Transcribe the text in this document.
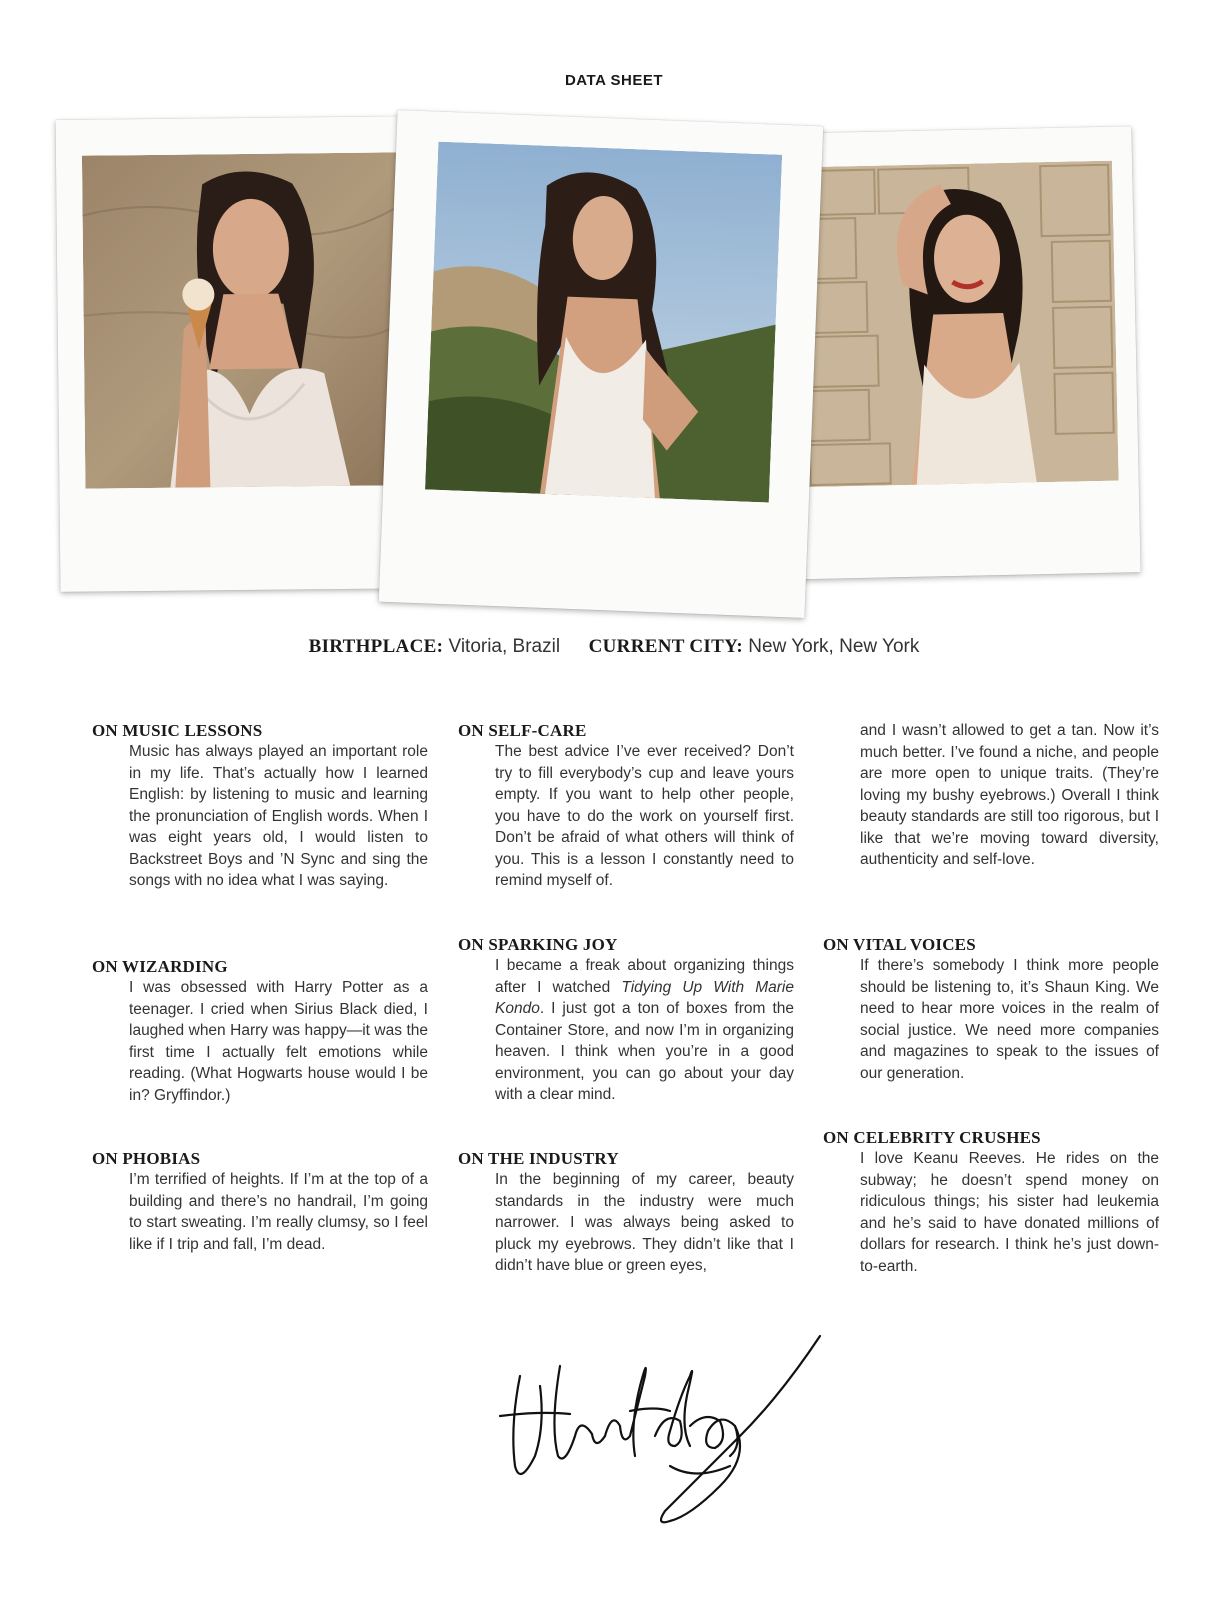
DATA SHEET
BIRTHPLACE: Vitoria, Brazil CURRENT CITY: New York, New York
ON MUSIC LESSONS

Music has always played an important role in my life. That’s actually how I learned English: by listening to music and learning the pronunciation of English words. When I was eight years old, I would listen to Backstreet Boys and ’N Sync and sing the songs with no idea what I was saying.

ON WIZARDING

I was obsessed with Harry Potter as a teenager. I cried when Sirius Black died, I laughed when Harry was happy—it was the first time I actually felt emotions while reading. (What Hogwarts house would I be in? Gryffindor.)

ON PHOBIAS

I’m terrified of heights. If I’m at the top of a building and there’s no handrail, I’m going to start sweating. I’m really clumsy, so I feel like if I trip and fall, I’m dead.

ON SELF-CARE

The best advice I’ve ever received? Don’t try to fill everybody’s cup and leave yours empty. If you want to help other people, you have to do the work on yourself first. Don’t be afraid of what others will think of you. This is a lesson I constantly need to remind myself of.

ON SPARKING JOY

I became a freak about organizing things after I watched Tidying Up With Marie Kondo. I just got a ton of boxes from the Container Store, and now I’m in organizing heaven. I think when you’re in a good environment, you can go about your day with a clear mind.

ON THE INDUSTRY

In the beginning of my career, beauty standards in the industry were much narrower. I was always being asked to pluck my eyebrows. They didn’t like that I didn’t have blue or green eyes,

and I wasn’t allowed to get a tan. Now it’s much better. I’ve found a niche, and people are more open to unique traits. (They’re loving my bushy eyebrows.) Overall I think beauty standards are still too rigorous, but I like that we’re moving toward diversity, authenticity and self-love.

ON VITAL VOICES

If there’s somebody I think more people should be listening to, it’s Shaun King. We need to hear more voices in the realm of social justice. We need more companies and magazines to speak to the issues of our generation.

ON CELEBRITY CRUSHES

I love Keanu Reeves. He rides on the subway; he doesn’t spend money on ridiculous things; his sister had leukemia and he’s said to have donated millions of dollars for research. I think he’s just down-to-earth.
